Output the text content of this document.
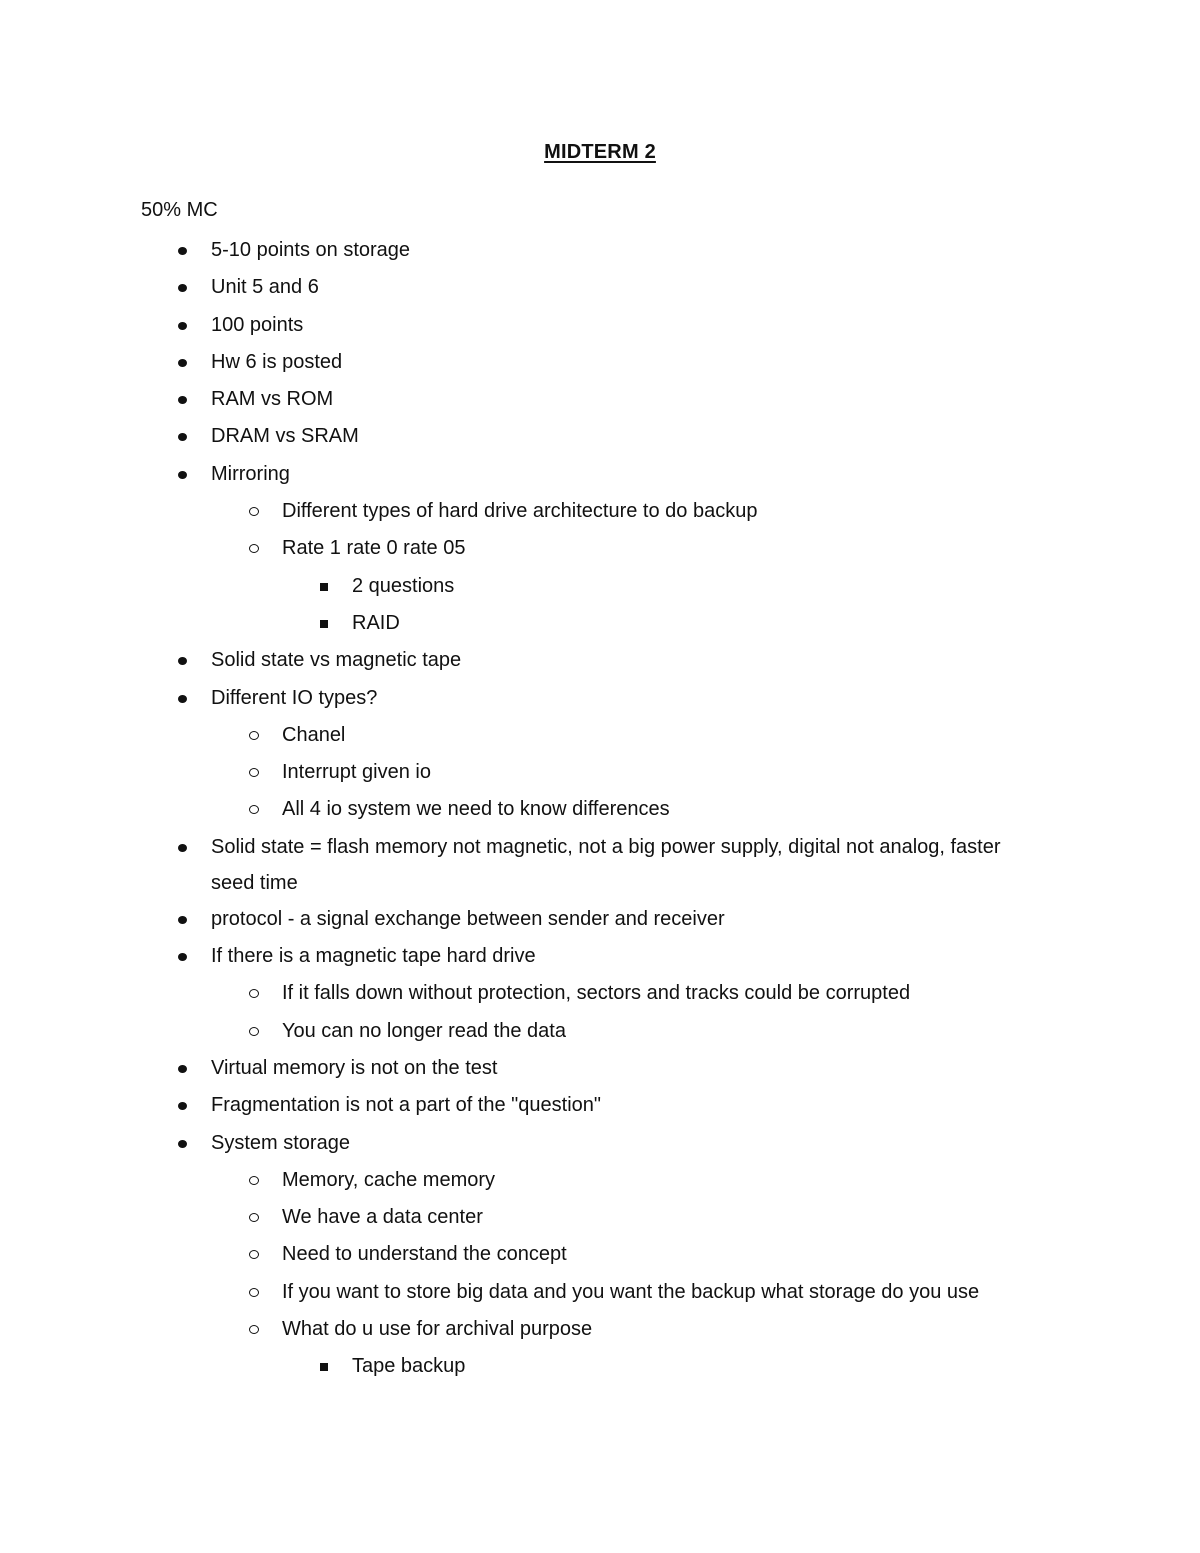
MIDTERM 2
50% MC
5-10 points on storage
Unit 5 and 6
100 points
Hw 6 is posted
RAM vs ROM
DRAM vs SRAM
Mirroring
Different types of hard drive architecture to do backup
Rate 1 rate 0 rate 05
2 questions
RAID
Solid state vs magnetic tape
Different IO types?
Chanel
Interrupt given io
All 4 io system we need to know differences
Solid state = flash memory not magnetic, not a big power supply, digital not analog, faster seed time
protocol - a signal exchange between sender and receiver
If there is a magnetic tape hard drive
If it falls down without protection, sectors and tracks could be corrupted
You can no longer read the data
Virtual memory is not on the test
Fragmentation is not a part of the "question"
System storage
Memory, cache memory
We have a data center
Need to understand the concept
If you want to store big data and you want the backup what storage do you use
What do u use for archival purpose
Tape backup
